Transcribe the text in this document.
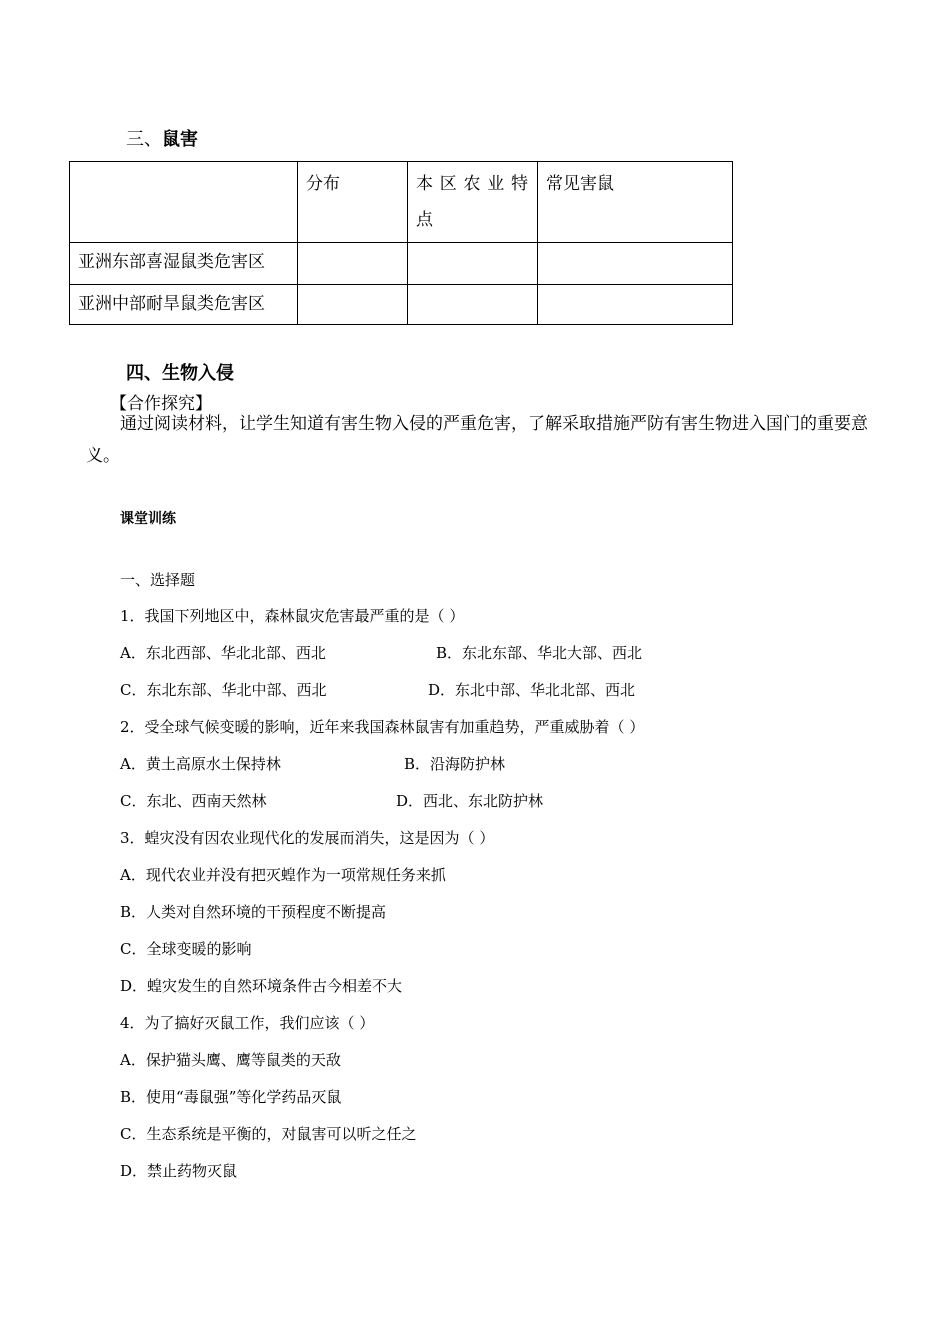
三、鼠害

	分布	本区农业特点	常见害鼠

亚洲东部喜湿鼠类危害区			

亚洲中部耐旱鼠类危害区			

四、生物入侵
【合作探究】
通过阅读材料，让学生知道有害生物入侵的严重危害，了解采取措施严防有害生物进入国门的重要意义。
课堂训练
一、选择题
1．我国下列地区中，森林鼠灾危害最严重的是（ ）
A．东北西部、华北北部、西北	B．东北东部、华北大部、西北
C．东北东部、华北中部、西北	D．东北中部、华北北部、西北
2．受全球气候变暖的影响，近年来我国森林鼠害有加重趋势，严重威胁着（ ）
A．黄土高原水土保持林	B．沿海防护林
C．东北、西南天然林	D．西北、东北防护林
3．蝗灾没有因农业现代化的发展而消失，这是因为（ ）
A．现代农业并没有把灭蝗作为一项常规任务来抓
B．人类对自然环境的干预程度不断提高
C．全球变暖的影响
D．蝗灾发生的自然环境条件古今相差不大
4．为了搞好灭鼠工作，我们应该（ ）
A．保护猫头鹰、鹰等鼠类的天敌
B．使用“毒鼠强”等化学药品灭鼠
C．生态系统是平衡的，对鼠害可以听之任之
D．禁止药物灭鼠
